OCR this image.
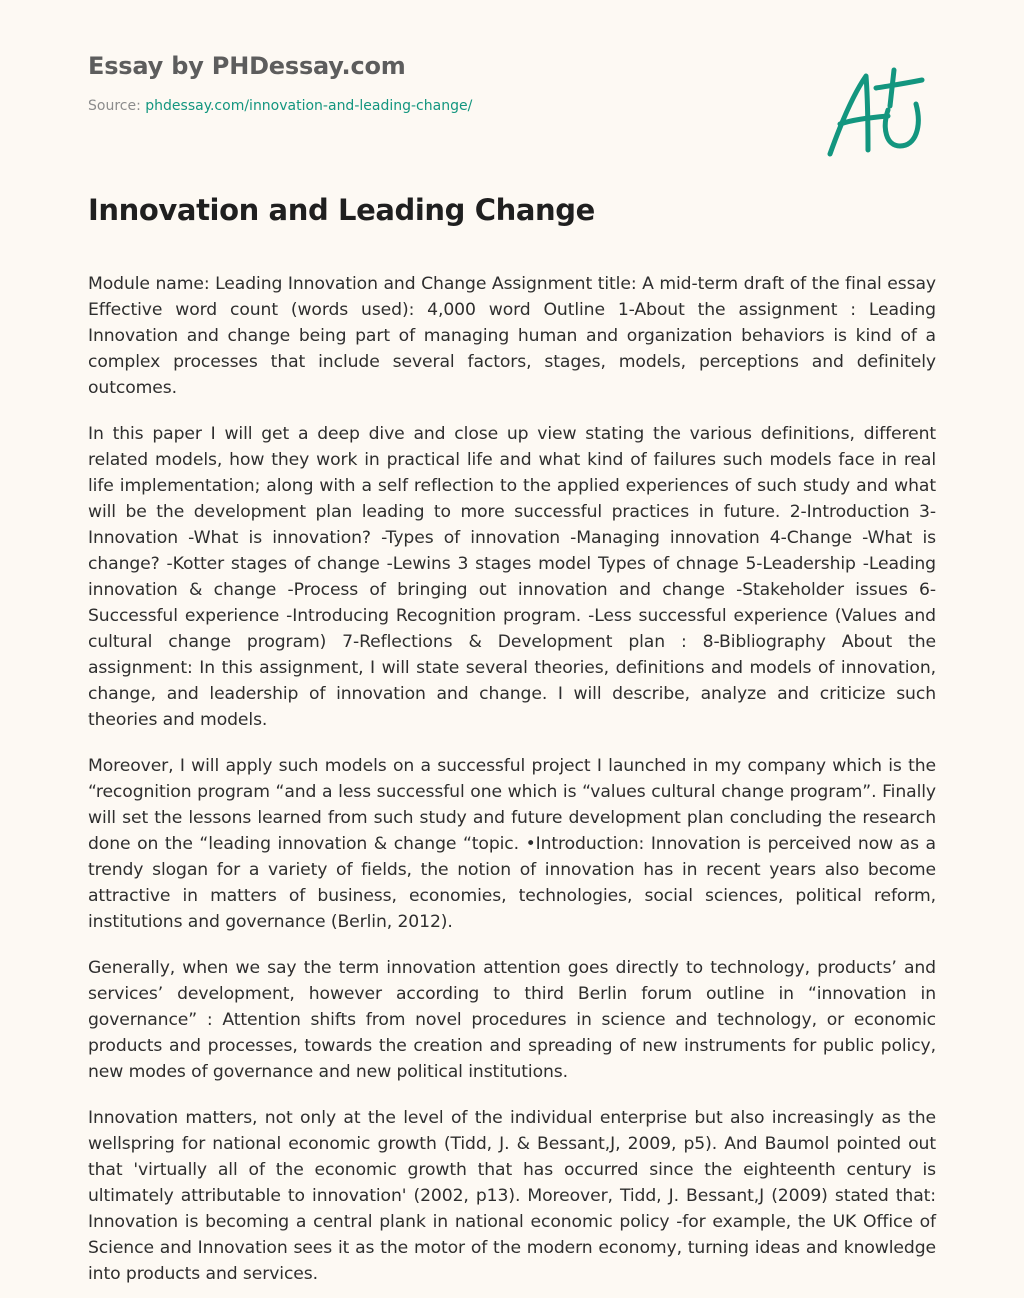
Essay by PHDessay.com
Source: phdessay.com/innovation-and-leading-change/
Innovation and Leading Change

Module name: Leading Innovation and Change Assignment title: A mid-term draft of the final essay Effective word count (words used): 4,000 word Outline 1-About the assignment : Leading Innovation and change being part of managing human and organization behaviors is kind of a complex processes that include several factors, stages, models, perceptions and definitely outcomes.

In this paper I will get a deep dive and close up view stating the various definitions, different related models, how they work in practical life and what kind of failures such models face in real life implementation; along with a self reflection to the applied experiences of such study and what will be the development plan leading to more successful practices in future. 2-Introduction 3-Innovation -What is innovation? -Types of innovation -Managing innovation 4-Change -What is change? -Kotter stages of change -Lewins 3 stages model Types of chnage 5-Leadership -Leading innovation & change -Process of bringing out innovation and change -Stakeholder issues 6-Successful experience -Introducing Recognition program. -Less successful experience (Values and cultural change program) 7-Reflections & Development plan : 8-Bibliography About the assignment: In this assignment, I will state several theories, definitions and models of innovation, change, and leadership of innovation and change. I will describe, analyze and criticize such theories and models.

Moreover, I will apply such models on a successful project I launched in my company which is the “recognition program “and a less successful one which is “values cultural change program”. Finally will set the lessons learned from such study and future development plan concluding the research done on the “leading innovation & change “topic. •Introduction: Innovation is perceived now as a trendy slogan for a variety of fields, the notion of innovation has in recent years also become attractive in matters of business, economies, technologies, social sciences, political reform, institutions and governance (Berlin, 2012).

Generally, when we say the term innovation attention goes directly to technology, products’ and services’ development, however according to third Berlin forum outline in “innovation in governance” : Attention shifts from novel procedures in science and technology, or economic products and processes, towards the creation and spreading of new instruments for public policy, new modes of governance and new political institutions.

Innovation matters, not only at the level of the individual enterprise but also increasingly as the wellspring for national economic growth (Tidd, J. & Bessant,J, 2009, p5). And Baumol pointed out that 'virtually all of the economic growth that has occurred since the eighteenth century is ultimately attributable to innovation' (2002, p13). Moreover, Tidd, J. Bessant,J (2009) stated that: Innovation is becoming a central plank in national economic policy -for example, the UK Office of Science and Innovation sees it as the motor of the modern economy, turning ideas and knowledge into products and services.
